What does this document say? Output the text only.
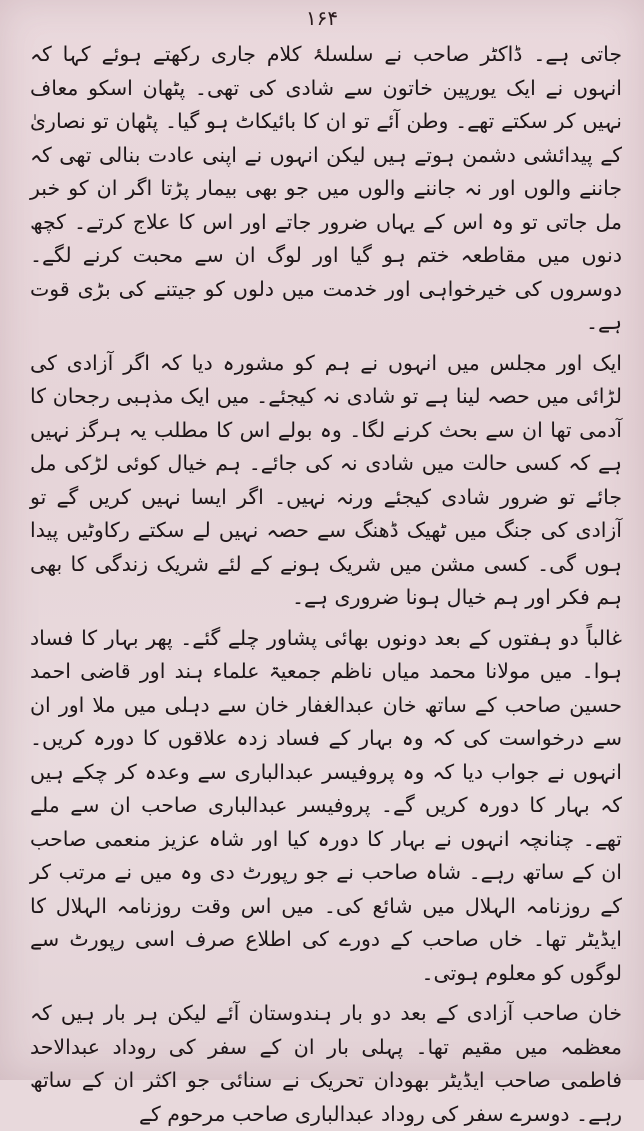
۱۶۴

جاتی ہے۔ ڈاکٹر صاحب نے سلسلۂ کلام جاری رکھتے ہوئے کہا کہ انہوں نے ایک یورپین خاتون سے شادی کی تھی۔ پٹھان اسکو معاف نہیں کر سکتے تھے۔ وطن آئے تو ان کا بائیکاٹ ہو گیا۔ پٹھان تو نصاریٰ کے پیدائشی دشمن ہوتے ہیں لیکن انہوں نے اپنی عادت بنالی تھی کہ جاننے والوں اور نہ جاننے والوں میں جو بھی بیمار پڑتا اگر ان کو خبر مل جاتی تو وہ اس کے یہاں ضرور جاتے اور اس کا علاج کرتے۔ کچھ دنوں میں مقاطعہ ختم ہو گیا اور لوگ ان سے محبت کرنے لگے۔ دوسروں کی خیرخواہی اور خدمت میں دلوں کو جیتنے کی بڑی قوت ہے۔

ایک اور مجلس میں انہوں نے ہم کو مشورہ دیا کہ اگر آزادی کی لڑائی میں حصہ لینا ہے تو شادی نہ کیجئے۔ میں ایک مذہبی رجحان کا آدمی تھا ان سے بحث کرنے لگا۔ وہ بولے اس کا مطلب یہ ہرگز نہیں ہے کہ کسی حالت میں شادی نہ کی جائے۔ ہم خیال کوئی لڑکی مل جائے تو ضرور شادی کیجئے ورنہ نہیں۔ اگر ایسا نہیں کریں گے تو آزادی کی جنگ میں ٹھیک ڈھنگ سے حصہ نہیں لے سکتے رکاوٹیں پیدا ہوں گی۔ کسی مشن میں شریک ہونے کے لئے شریک زندگی کا بھی ہم فکر اور ہم خیال ہونا ضروری ہے۔

غالباً دو ہفتوں کے بعد دونوں بھائی پشاور چلے گئے۔ پھر بہار کا فساد ہوا۔ میں مولانا محمد میاں ناظم جمعیۃ علماء ہند اور قاضی احمد حسین صاحب کے ساتھ خان عبدالغفار خان سے دہلی میں ملا اور ان سے درخواست کی کہ وہ بہار کے فساد زدہ علاقوں کا دورہ کریں۔ انہوں نے جواب دیا کہ وہ پروفیسر عبدالباری سے وعدہ کر چکے ہیں کہ بہار کا دورہ کریں گے۔ پروفیسر عبدالباری صاحب ان سے ملے تھے۔ چنانچہ انہوں نے بہار کا دورہ کیا اور شاہ عزیز منعمی صاحب ان کے ساتھ رہے۔ شاہ صاحب نے جو رپورٹ دی وہ میں نے مرتب کر کے روزنامہ الہلال میں شائع کی۔ میں اس وقت روزنامہ الہلال کا ایڈیٹر تھا۔ خاں صاحب کے دورے کی اطلاع صرف اسی رپورٹ سے لوگوں کو معلوم ہوتی۔

خان صاحب آزادی کے بعد دو بار ہندوستان آئے لیکن ہر بار ہیں کہ معظمہ میں مقیم تھا۔ پہلی بار ان کے سفر کی روداد عبدالاحد فاطمی صاحب ایڈیٹر بھودان تحریک نے سنائی جو اکثر ان کے ساتھ رہے۔ دوسرے سفر کی روداد عبدالباری صاحب مرحوم کے
